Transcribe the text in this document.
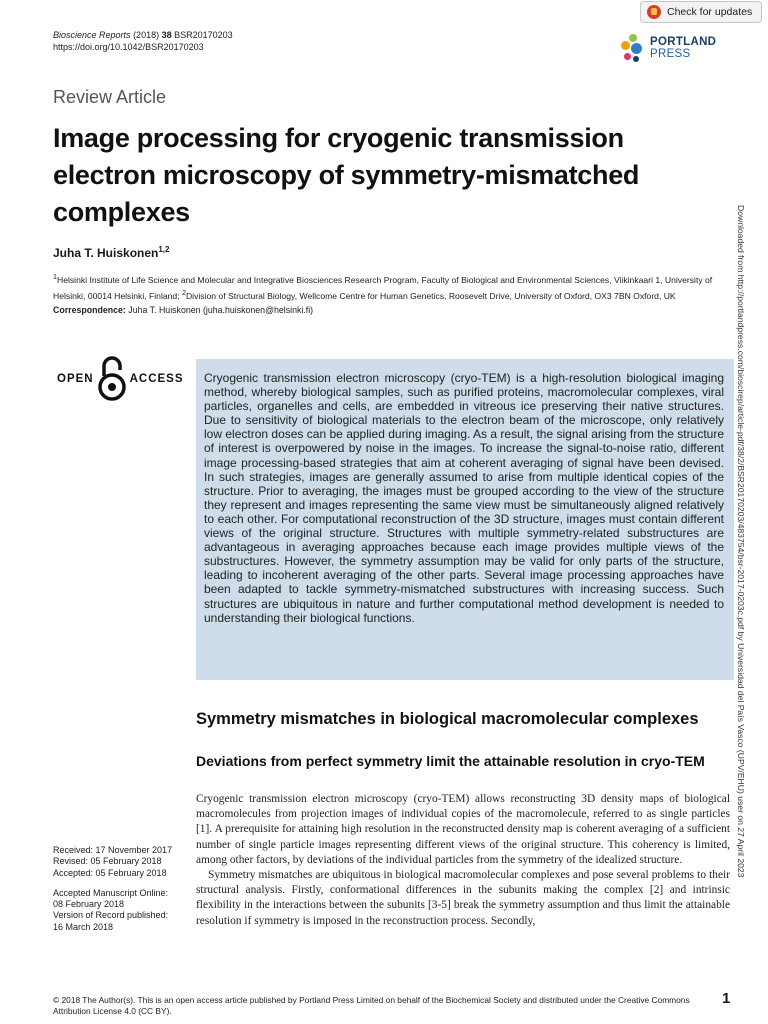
Bioscience Reports (2018) 38 BSR20170203
https://doi.org/10.1042/BSR20170203
Check for updates
PORTLAND
PRESS
Review Article
Image processing for cryogenic transmission electron microscopy of symmetry-mismatched complexes
Juha T. Huiskonen$^{1,2}$
$^1$Helsinki Institute of Life Science and Molecular and Integrative Biosciences Research Program, Faculty of Biological and Environmental Sciences, Viikinkaari 1, University of Helsinki, 00014 Helsinki, Finland; $^2$Division of Structural Biology, Wellcome Centre for Human Genetics, Roosevelt Drive, University of Oxford, OX3 7BN Oxford, UK
Correspondence: Juha T. Huiskonen (juha.huiskonen@helsinki.fi)
OPEN	ACCESS	Cryogenic transmission electron microscopy (cryo-TEM) is a high-resolution biological imaging method, whereby biological samples, such as purified proteins, macromolecular complexes, viral particles, organelles and cells, are embedded in vitreous ice preserving their native structures. Due to sensitivity of biological materials to the electron beam of the microscope, only relatively low electron doses can be applied during imaging. As a result, the signal arising from the structure of interest is overpowered by noise in the images. To increase the signal-to-noise ratio, different image processing-based strategies that aim at coherent averaging of signal have been devised. In such strategies, images are generally assumed to arise from multiple identical copies of the structure. Prior to averaging, the images must be grouped according to the view of the structure they represent and images representing the same view must be simultaneously aligned relatively to each other. For computational reconstruction of the 3D structure, images must contain different views of the original structure. Structures with multiple symmetry-related substructures are advantageous in averaging approaches because each image provides multiple views of the substructures. However, the symmetry assumption may be valid for only parts of the structure, leading to incoherent averaging of the other parts. Several image processing approaches have been adapted to tackle symmetry-mismatched substructures with increasing success. Such structures are ubiquitous in nature and further computational method development is needed to understanding their biological functions.
Symmetry mismatches in biological macromolecular complexes
Deviations from perfect symmetry limit the attainable resolution in cryo-TEM

Cryogenic transmission electron microscopy (cryo-TEM) allows reconstructing 3D density maps of biological macromolecules from projection images of individual copies of the macromolecule, referred to as single particles [1]. A prerequisite for attaining high resolution in the reconstructed density map is coherent averaging of a sufficient number of single particle images representing different views of the original structure. This coherency is limited, among other factors, by deviations of the individual particles from the symmetry of the idealized structure.

Symmetry mismatches are ubiquitous in biological macromolecular complexes and pose several problems to their structural analysis. Firstly, conformational differences in the subunits making the complex [2] and intrinsic flexibility in the interactions between the subunits [3-5] break the symmetry assumption and thus limit the attainable resolution if symmetry is imposed in the reconstruction process. Secondly,

Received: 17 November 2017
Revised: 05 February 2018
Accepted: 05 February 2018
Accepted Manuscript Online:
08 February 2018
Version of Record published:
16 March 2018
Downloaded from http://portlandpress.com/bioscirep/article-pdf/38/2/BSR20170203/483754/bsr-2017-0203c.pdf by Universidad del País Vasco (UPV/EHU) user on 27 April 2023
© 2018 The Author(s). This is an open access article published by Portland Press Limited on behalf of the Biochemical Society and distributed under the Creative Commons Attribution License 4.0 (CC BY).
1
